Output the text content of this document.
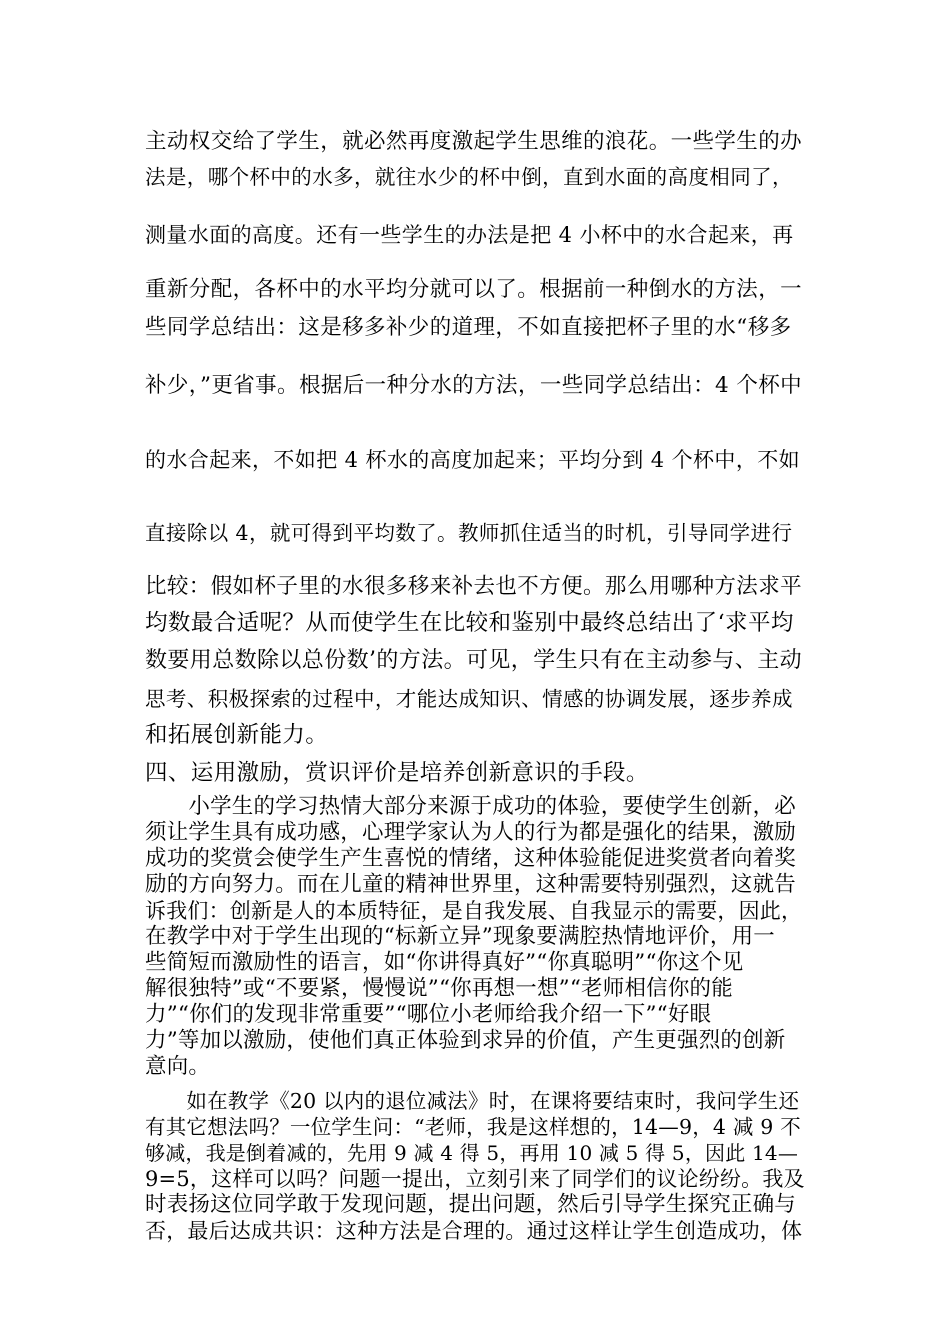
主动权交给了学生，就必然再度激起学生思维的浪花。一些学生的办
法是，哪个杯中的水多，就往水少的杯中倒，直到水面的高度相同了，
测量水面的高度。还有一些学生的办法是把 4 小杯中的水合起来，再
重新分配，各杯中的水平均分就可以了。根据前一种倒水的方法，一
些同学总结出：这是移多补少的道理，不如直接把杯子里的水“移多
补少，”更省事。根据后一种分水的方法，一些同学总结出：4 个杯中
的水合起来，不如把 4 杯水的高度加起来；平均分到 4 个杯中，不如
直接除以 4，就可得到平均数了。教师抓住适当的时机，引导同学进行
比较：假如杯子里的水很多移来补去也不方便。那么用哪种方法求平
均数最合适呢？从而使学生在比较和鉴别中最终总结出了‘求平均
数要用总数除以总份数’的方法。可见，学生只有在主动参与、主动
思考、积极探索的过程中，才能达成知识、情感的协调发展，逐步养成
和拓展创新能力。
四、运用激励，赏识评价是培养创新意识的手段。
　　小学生的学习热情大部分来源于成功的体验，要使学生创新，必
须让学生具有成功感，心理学家认为人的行为都是强化的结果，激励
成功的奖赏会使学生产生喜悦的情绪，这种体验能促进奖赏者向着奖
励的方向努力。而在儿童的精神世界里，这种需要特别强烈，这就告
诉我们：创新是人的本质特征，是自我发展、自我显示的需要，因此，
在教学中对于学生出现的“标新立异”现象要满腔热情地评价，用一
些简短而激励性的语言，如“你讲得真好”“你真聪明”“你这个见
解很独特”或“不要紧，慢慢说”“你再想一想”“老师相信你的能
力”“你们的发现非常重要”“哪位小老师给我介绍一下”“好眼
力”等加以激励，使他们真正体验到求异的价值，产生更强烈的创新
意向。
　　如在教学《20 以内的退位减法》时，在课将要结束时，我问学生还
有其它想法吗？一位学生问：“老师，我是这样想的，14—9，4 减 9 不
够减，我是倒着减的，先用 9 减 4 得 5，再用 10 减 5 得 5，因此 14—
9=5，这样可以吗？问题一提出，立刻引来了同学们的议论纷纷。我及
时表扬这位同学敢于发现问题，提出问题，然后引导学生探究正确与
否，最后达成共识：这种方法是合理的。通过这样让学生创造成功，体
